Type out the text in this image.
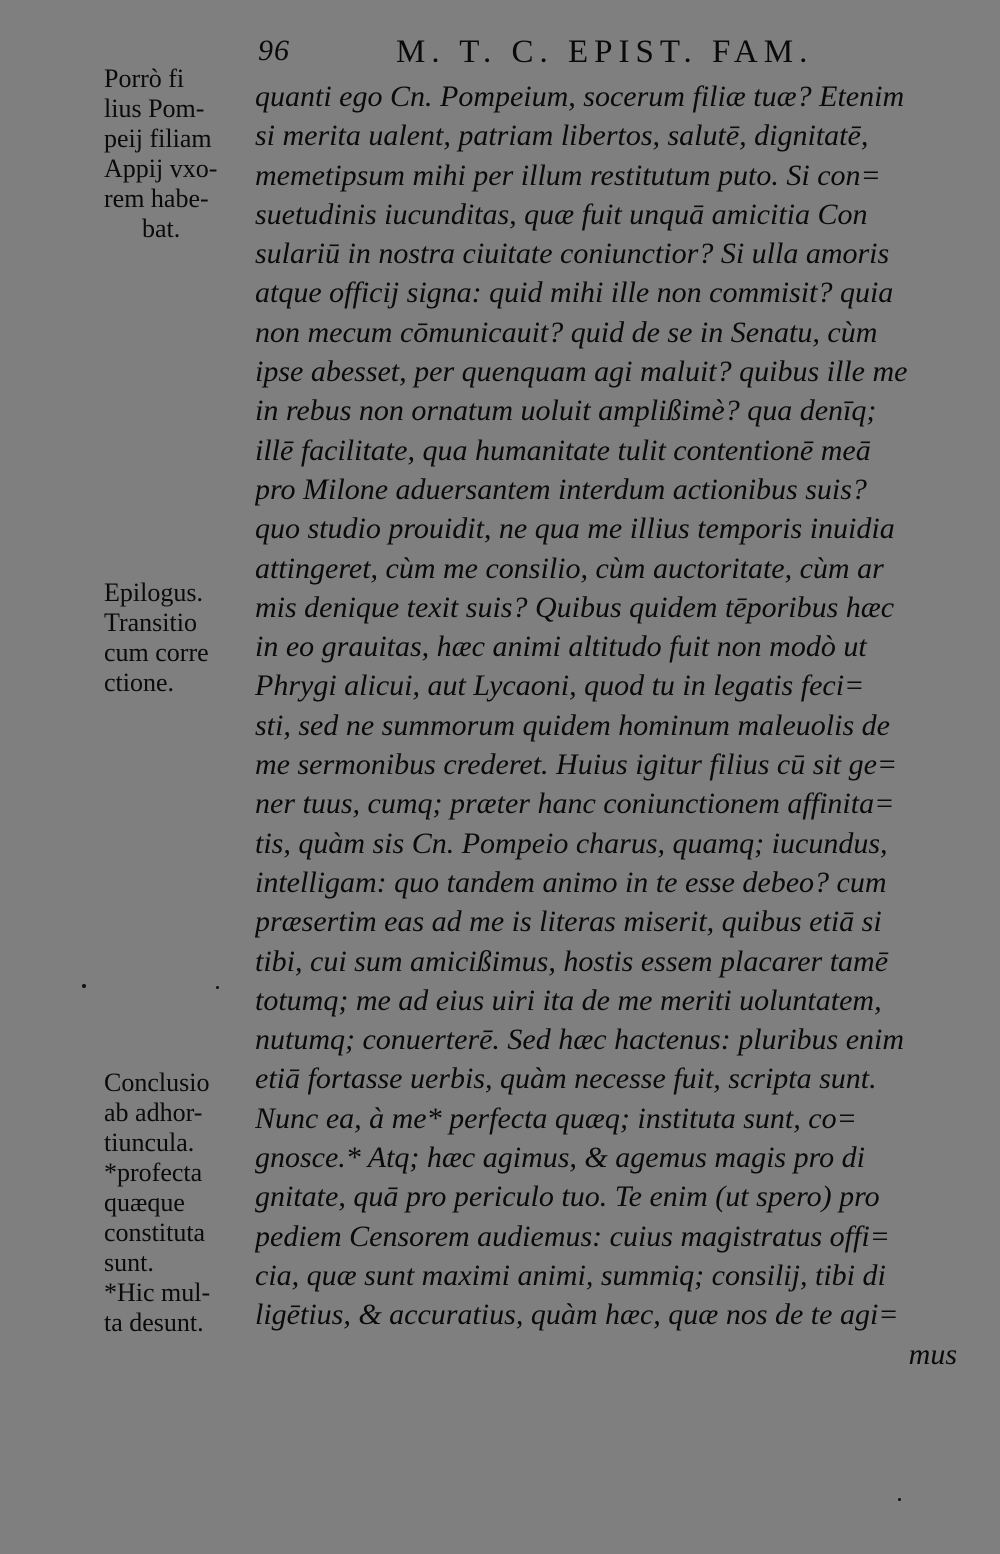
96	M. T. C. EPIST. FAM.
quanti ego Cn. Pompeium, socerum filiæ tuæ? Etenim
si merita ualent, patriam libertos, salutē, dignitatē,
memetipsum mihi per illum restitutum puto. Si con=
suetudinis iucunditas, quæ fuit unquā amicitia Con
sulariū in nostra ciuitate coniunctior? Si ulla amoris
atque officij signa: quid mihi ille non commisit? quia
non mecum cōmunicauit? quid de se in Senatu, cùm
ipse abesset, per quenquam agi maluit? quibus ille me
in rebus non ornatum uoluit amplißimè? qua denīq;
illē facilitate, qua humanitate tulit contentionē meā
pro Milone aduersantem interdum actionibus suis?
quo studio prouidit, ne qua me illius temporis inuidia
attingeret, cùm me consilio, cùm auctoritate, cùm ar
mis denique texit suis? Quibus quidem tēporibus hæc
in eo grauitas, hæc animi altitudo fuit non modò ut
Phrygi alicui, aut Lycaoni, quod tu in legatis feci=
sti, sed ne summorum quidem hominum maleuolis de
me sermonibus crederet. Huius igitur filius cū sit ge=
ner tuus, cumq; præter hanc coniunctionem affinita=
tis, quàm sis Cn. Pompeio charus, quamq; iucundus,
intelligam: quo tandem animo in te esse debeo? cum
præsertim eas ad me is literas miserit, quibus etiā si
tibi, cui sum amicißimus, hostis essem placarer tamē
totumq; me ad eius uiri ita de me meriti uoluntatem,
nutumq; conuerterē. Sed hæc hactenus: pluribus enim
etiā fortasse uerbis, quàm necesse fuit, scripta sunt.
Nunc ea, à me* perfecta quæq; instituta sunt, co=
gnosce.* Atq; hæc agimus, & agemus magis pro di
gnitate, quā pro periculo tuo. Te enim (ut spero) pro
pediem Censorem audiemus: cuius magistratus offi=
cia, quæ sunt maximi animi, summiq; consilij, tibi di
ligētius, & accuratius, quàm hæc, quæ nos de te agi=
mus
Porrò fi
lius Pom-
peij filiam
Appij vxo-
rem habe-
bat.
Epilogus.
Transitio
cum corre
ctione.
Conclusio
ab adhor-
tiuncula.
*profecta
quæque
constituta
sunt.
*Hic mul-
ta desunt.
